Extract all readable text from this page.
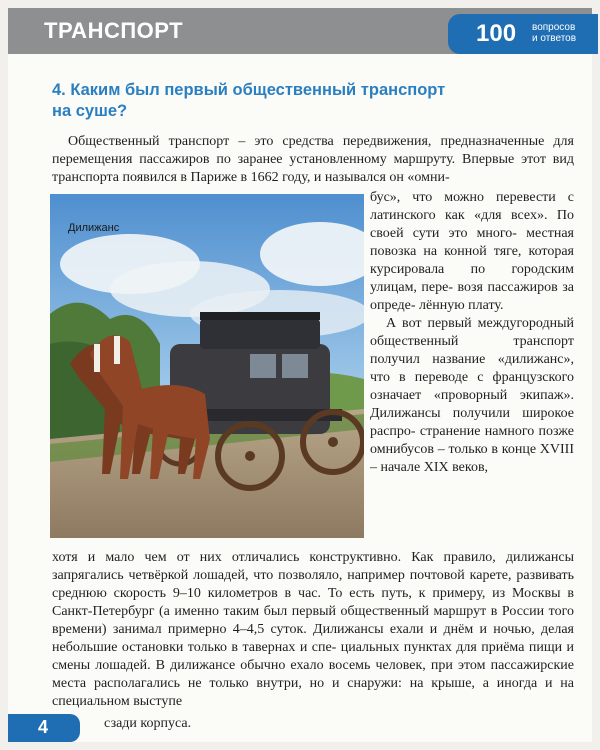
ТРАНСПОРТ	100 вопросов
и ответов
4. Каким был первый общественный транспорт
на суше?
Общественный транспорт – это средства передвижения, предназначенные для перемещения пассажиров по заранее установленному маршруту. Впервые этот вид транспорта появился в Париже в 1662 году, и назывался он «омни-
Дилижанс
бус», что можно перевести с латинского как «для всех». По своей сути это много- местная повозка на конной тяге, которая курсировала по городским улицам, пере- возя пассажиров за опреде- лённую плату.
А вот первый междугородный общественный транспорт получил название «дилижанс», что в переводе с французского означает «проворный экипаж». Дилижансы получили широкое распро- странение намного позже омнибусов – только в конце XVIII – начале XIX веков,
хотя и мало чем от них отличались конструктивно. Как правило, дилижансы запрягались четвёркой лошадей, что позволяло, например почтовой карете, развивать среднюю скорость 9–10 километров в час. То есть путь, к примеру, из Москвы в Санкт-Петербург (а именно таким был первый общественный маршрут в России того времени) занимал примерно 4–4,5 суток. Дилижансы ехали и днём и ночью, делая небольшие остановки только в тавернах и спе- циальных пунктах для приёма пищи и смены лошадей. В дилижансе обычно ехало восемь человек, при этом пассажирские места располагались не только внутри, но и снаружи: на крыше, а иногда и на специальном выступе
4	сзади корпуса.
